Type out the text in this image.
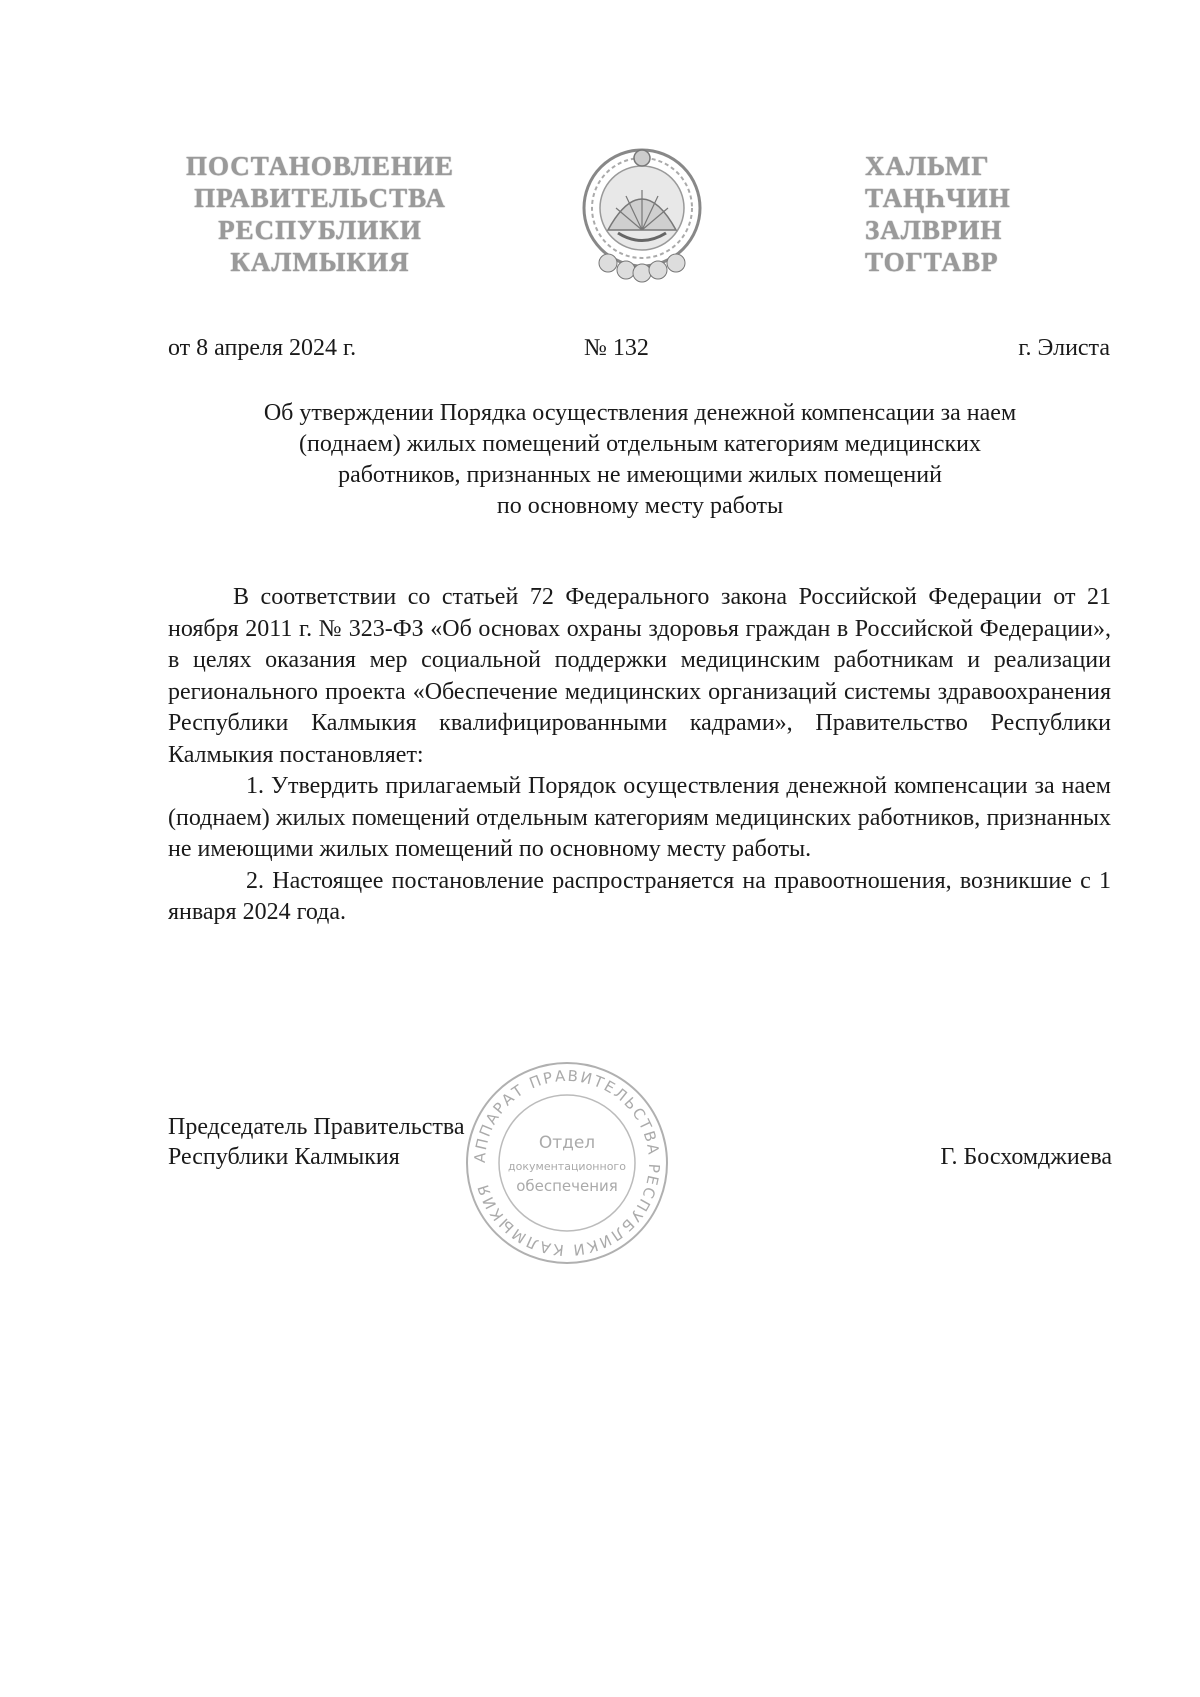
ПОСТАНОВЛЕНИЕ
ПРАВИТЕЛЬСТВА
РЕСПУБЛИКИ
КАЛМЫКИЯ
ХАЛЬМГ
ТАҢҺЧИН
ЗАЛВРИН
ТОГТАВР
от 8 апреля 2024 г.	№ 132	г. Элиста
Об утверждении Порядка осуществления денежной компенсации за наем
(поднаем) жилых помещений отдельным категориям медицинских
работников, признанных не имеющими жилых помещений
по основному месту работы

В соответствии со статьей 72 Федерального закона Российской Федерации от 21 ноября 2011 г. № 323-ФЗ «Об основах охраны здоровья граждан в Российской Федерации», в целях оказания мер социальной поддержки медицинским работникам и реализации регионального проекта «Обеспечение медицинских организаций системы здравоохранения Республики Калмыкия квалифицированными кадрами», Правительство Республики Калмыкия постановляет:

1. Утвердить прилагаемый Порядок осуществления денежной компенсации за наем (поднаем) жилых помещений отдельным категориям медицинских работников, признанных не имеющими жилых помещений по основному месту работы.

2. Настоящее постановление распространяется на правоотношения, возникшие с 1 января 2024 года.

АППАРАТ ПРАВИТЕЛЬСТВА РЕСПУБЛИКИ КАЛМЫКИЯ
Отдел
документационного
обеспечения
Председатель Правительства
Республики Калмыкия	Г. Босхомджиева
